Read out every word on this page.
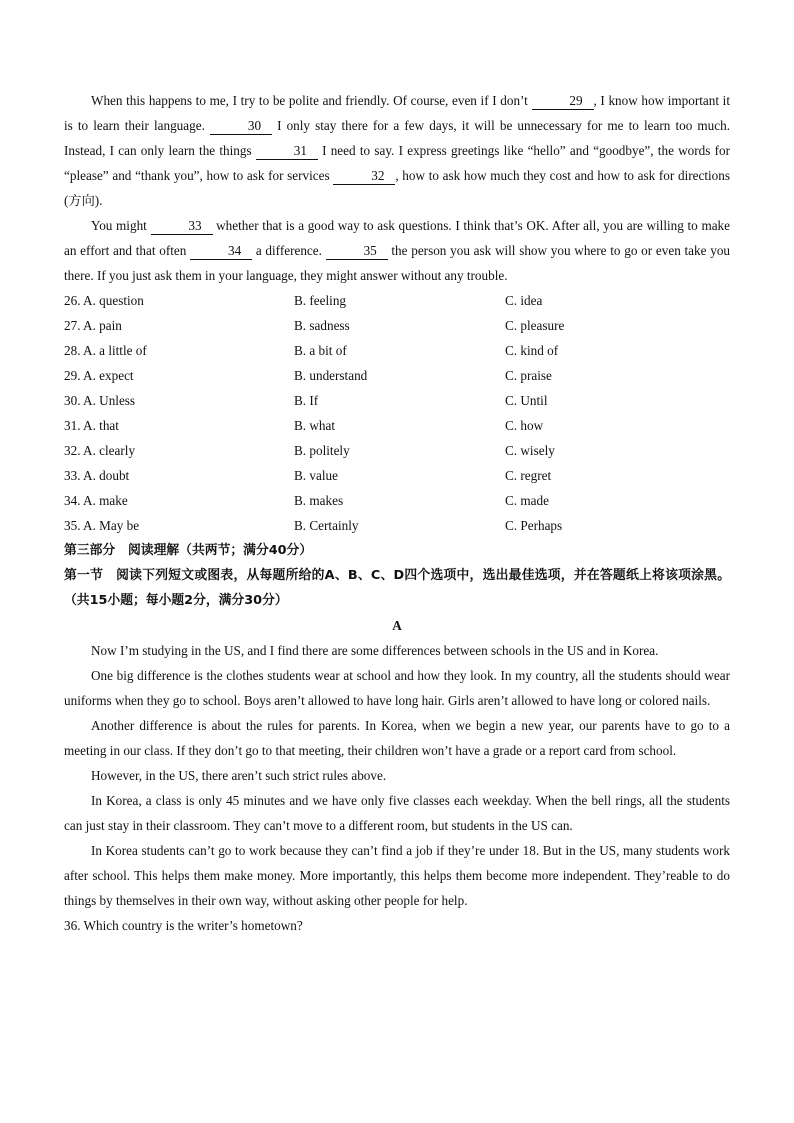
When this happens to me, I try to be polite and friendly. Of course, even if I don’t	29 , I know how important it is to learn their language.	30 I only stay there for a few days, it will be unnecessary for me to learn too much. Instead, I can only learn the things	31 I need to say. I express greetings like “hello” and “goodbye”, the words for “please” and “thank you”, how to ask for services	32 , how to ask how much they cost and how to ask for directions (方向).

You might	33 whether that is a good way to ask questions. I think that’s OK. After all, you are willing to make an effort and that often	34 a difference.	35 the person you ask will show you where to go or even take you there. If you just ask them in your language, they might answer without any trouble.

26. A. question	B. feeling	C. idea
27. A. pain	B. sadness	C. pleasure
28. A. a little of	B. a bit of	C. kind of
29. A. expect	B. understand	C. praise
30. A. Unless	B. If	C. Until
31. A. that	B. what	C. how
32. A. clearly	B. politely	C. wisely
33. A. doubt	B. value	C. regret
34. A. make	B. makes	C. made
35. A. May be	B. Certainly	C. Perhaps

第三部分　阅读理解（共两节；满分40分）

第一节　阅读下列短文或图表，从每题所给的A、B、C、D四个选项中，选出最佳选项，并在答题纸上将该项涂黑。（共15小题；每小题2分，满分30分）

A

Now I’m studying in the US, and I find there are some differences between schools in the US and in Korea.

One big difference is the clothes students wear at school and how they look. In my country, all the students should wear uniforms when they go to school. Boys aren’t allowed to have long hair. Girls aren’t allowed to have long or colored nails.

Another difference is about the rules for parents. In Korea, when we begin a new year, our parents have to go to a meeting in our class. If they don’t go to that meeting, their children won’t have a grade or a report card from school.

However, in the US, there aren’t such strict rules above.

In Korea, a class is only 45 minutes and we have only five classes each weekday. When the bell rings, all the students can just stay in their classroom. They can’t move to a different room, but students in the US can.

In Korea students can’t go to work because they can’t find a job if they’re under 18. But in the US, many students work after school. This helps them make money. More importantly, this helps them become more independent. They’reable to do things by themselves in their own way, without asking other people for help.

36. Which country is the writer’s hometown?
